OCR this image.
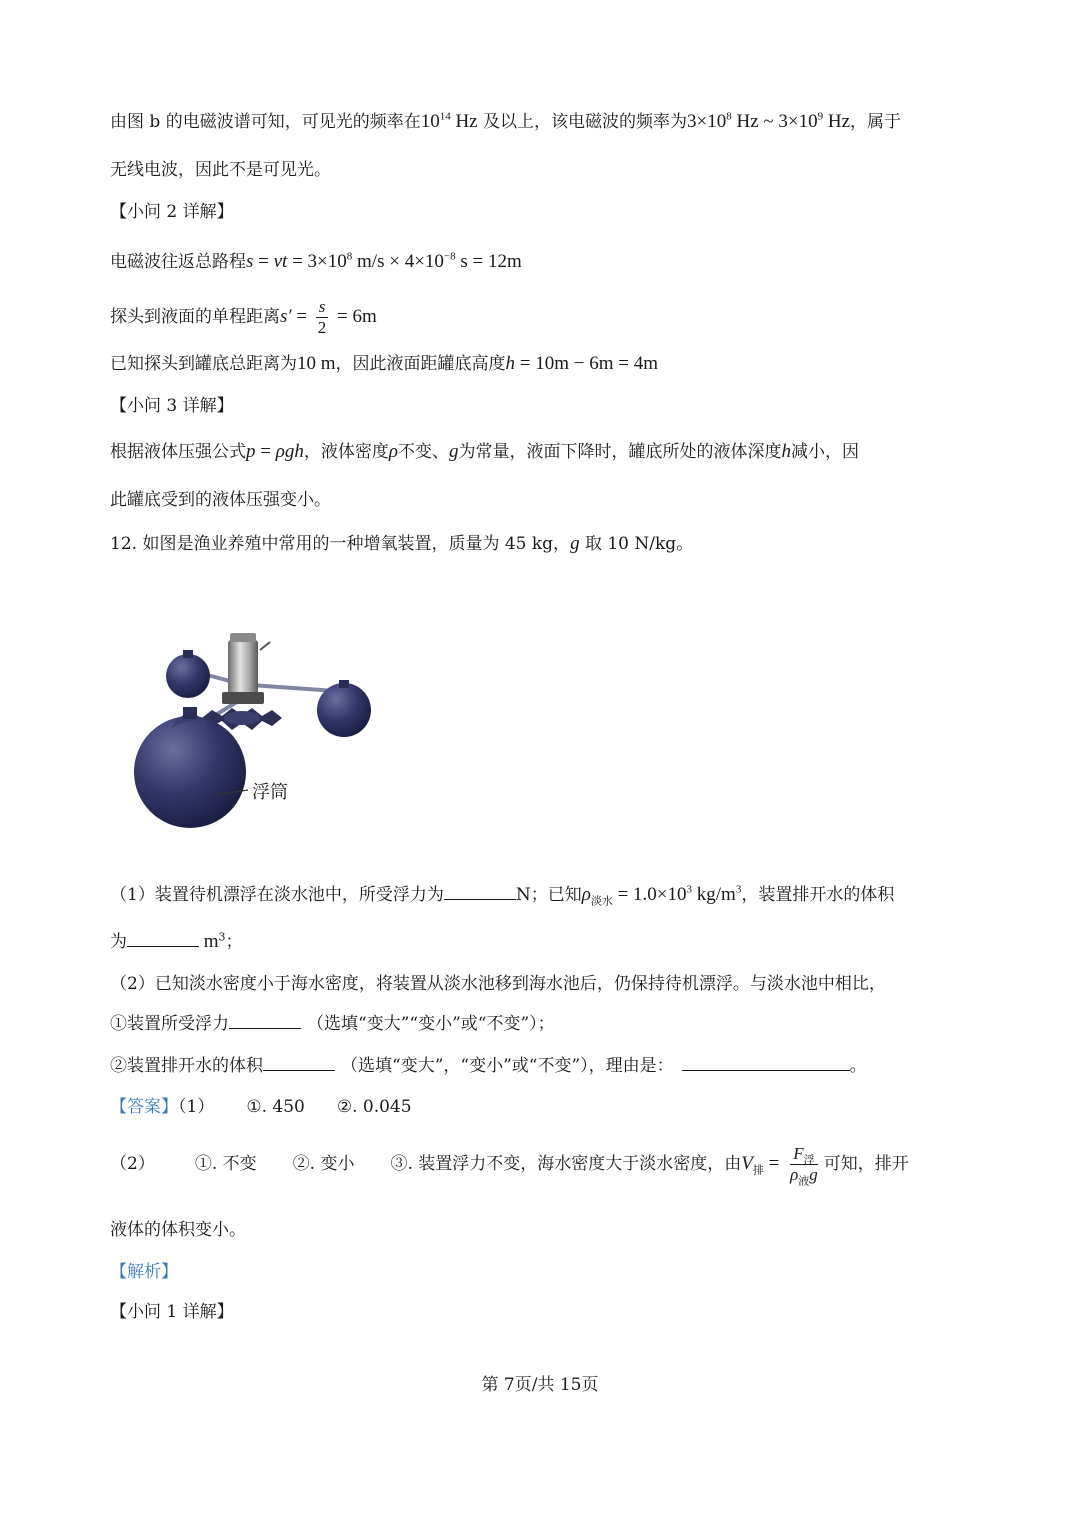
由图 b 的电磁波谱可知，可见光的频率在$10^{14}$ Hz 及以上，该电磁波的频率为$3\times 10^8$ Hz ~ $3\times 10^9$ Hz，属于
无线电波，因此不是可见光。
【小问 2 详解】
电磁波往返总路程s = vt = $3\times 10^8$ $m/s \times 4\times 10^{-8}$ s = 12m
探头到液面的单程距离$s' = \frac{s}{2} = 6m$
已知探头到罐底总距离为10 m，因此液面距罐底高度h = 10m − 6m = 4m
【小问 3 详解】
根据液体压强公式p = ρgh，液体密度ρ不变、g为常量，液面下降时，罐底所处的液体深度h减小，因
此罐底受到的液体压强变小。
12. 如图是渔业养殖中常用的一种增氧装置，质量为 45 kg，g 取 10 N/kg。
浮筒
（1）装置待机漂浮在淡水池中，所受浮力为	N；已知$\rho_{淡水} = 1.0\times 10^3$ $kg/m^3$，装置排开水的体积
为	$m^3$；
（2）已知淡水密度小于海水密度，将装置从淡水池移到海水池后，仍保持待机漂浮。与淡水池中相比，
①装置所受浮力	（选填“变大”“变小”或“不变”）；
②装置排开水的体积	（选填“变大”，“变小”或“不变”），理由是：	。
【答案】（1） ①. 450 ②. 0.045
（2） ①. 不变 ②. 变小 ③. 装置浮力不变，海水密度大于淡水密度，由$V_排 = \frac{F_浮}{\rho_液g}$ 可知，排开
液体的体积变小。
【解析】
【小问 1 详解】
第 7页/共 15页
